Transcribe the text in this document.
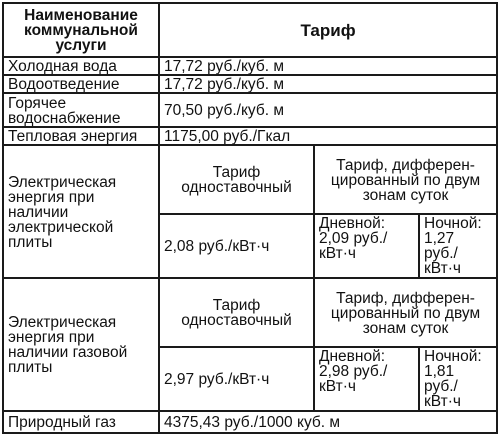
Наименование коммунальной услуги	Тариф		
Холодная вода	17,72 руб./куб. м		
Водоотведение	17,72 руб./куб. м		
Горячее водоснабжение	70,50 руб./куб. м		
Тепловая энергия	1175,00 руб./Гкал		
Электрическая энергия при наличии электрической плиты	Тариф одноставочный	Тариф, дифферен-цированный по двум зонам суток	
	2,08 руб./кВт·ч	Дневной: 2,09 руб./ кВт·ч	Ночной: 1,27 руб./ кВт·ч
Электрическая энергия при наличии газовой плиты	Тариф одноставочный	Тариф, дифферен-цированный по двум зонам суток	
	2,97 руб./кВт·ч	Дневной: 2,98 руб./ кВт·ч	Ночной: 1,81 руб./ кВт·ч
Природный газ	4375,43 руб./1000 куб. м		
